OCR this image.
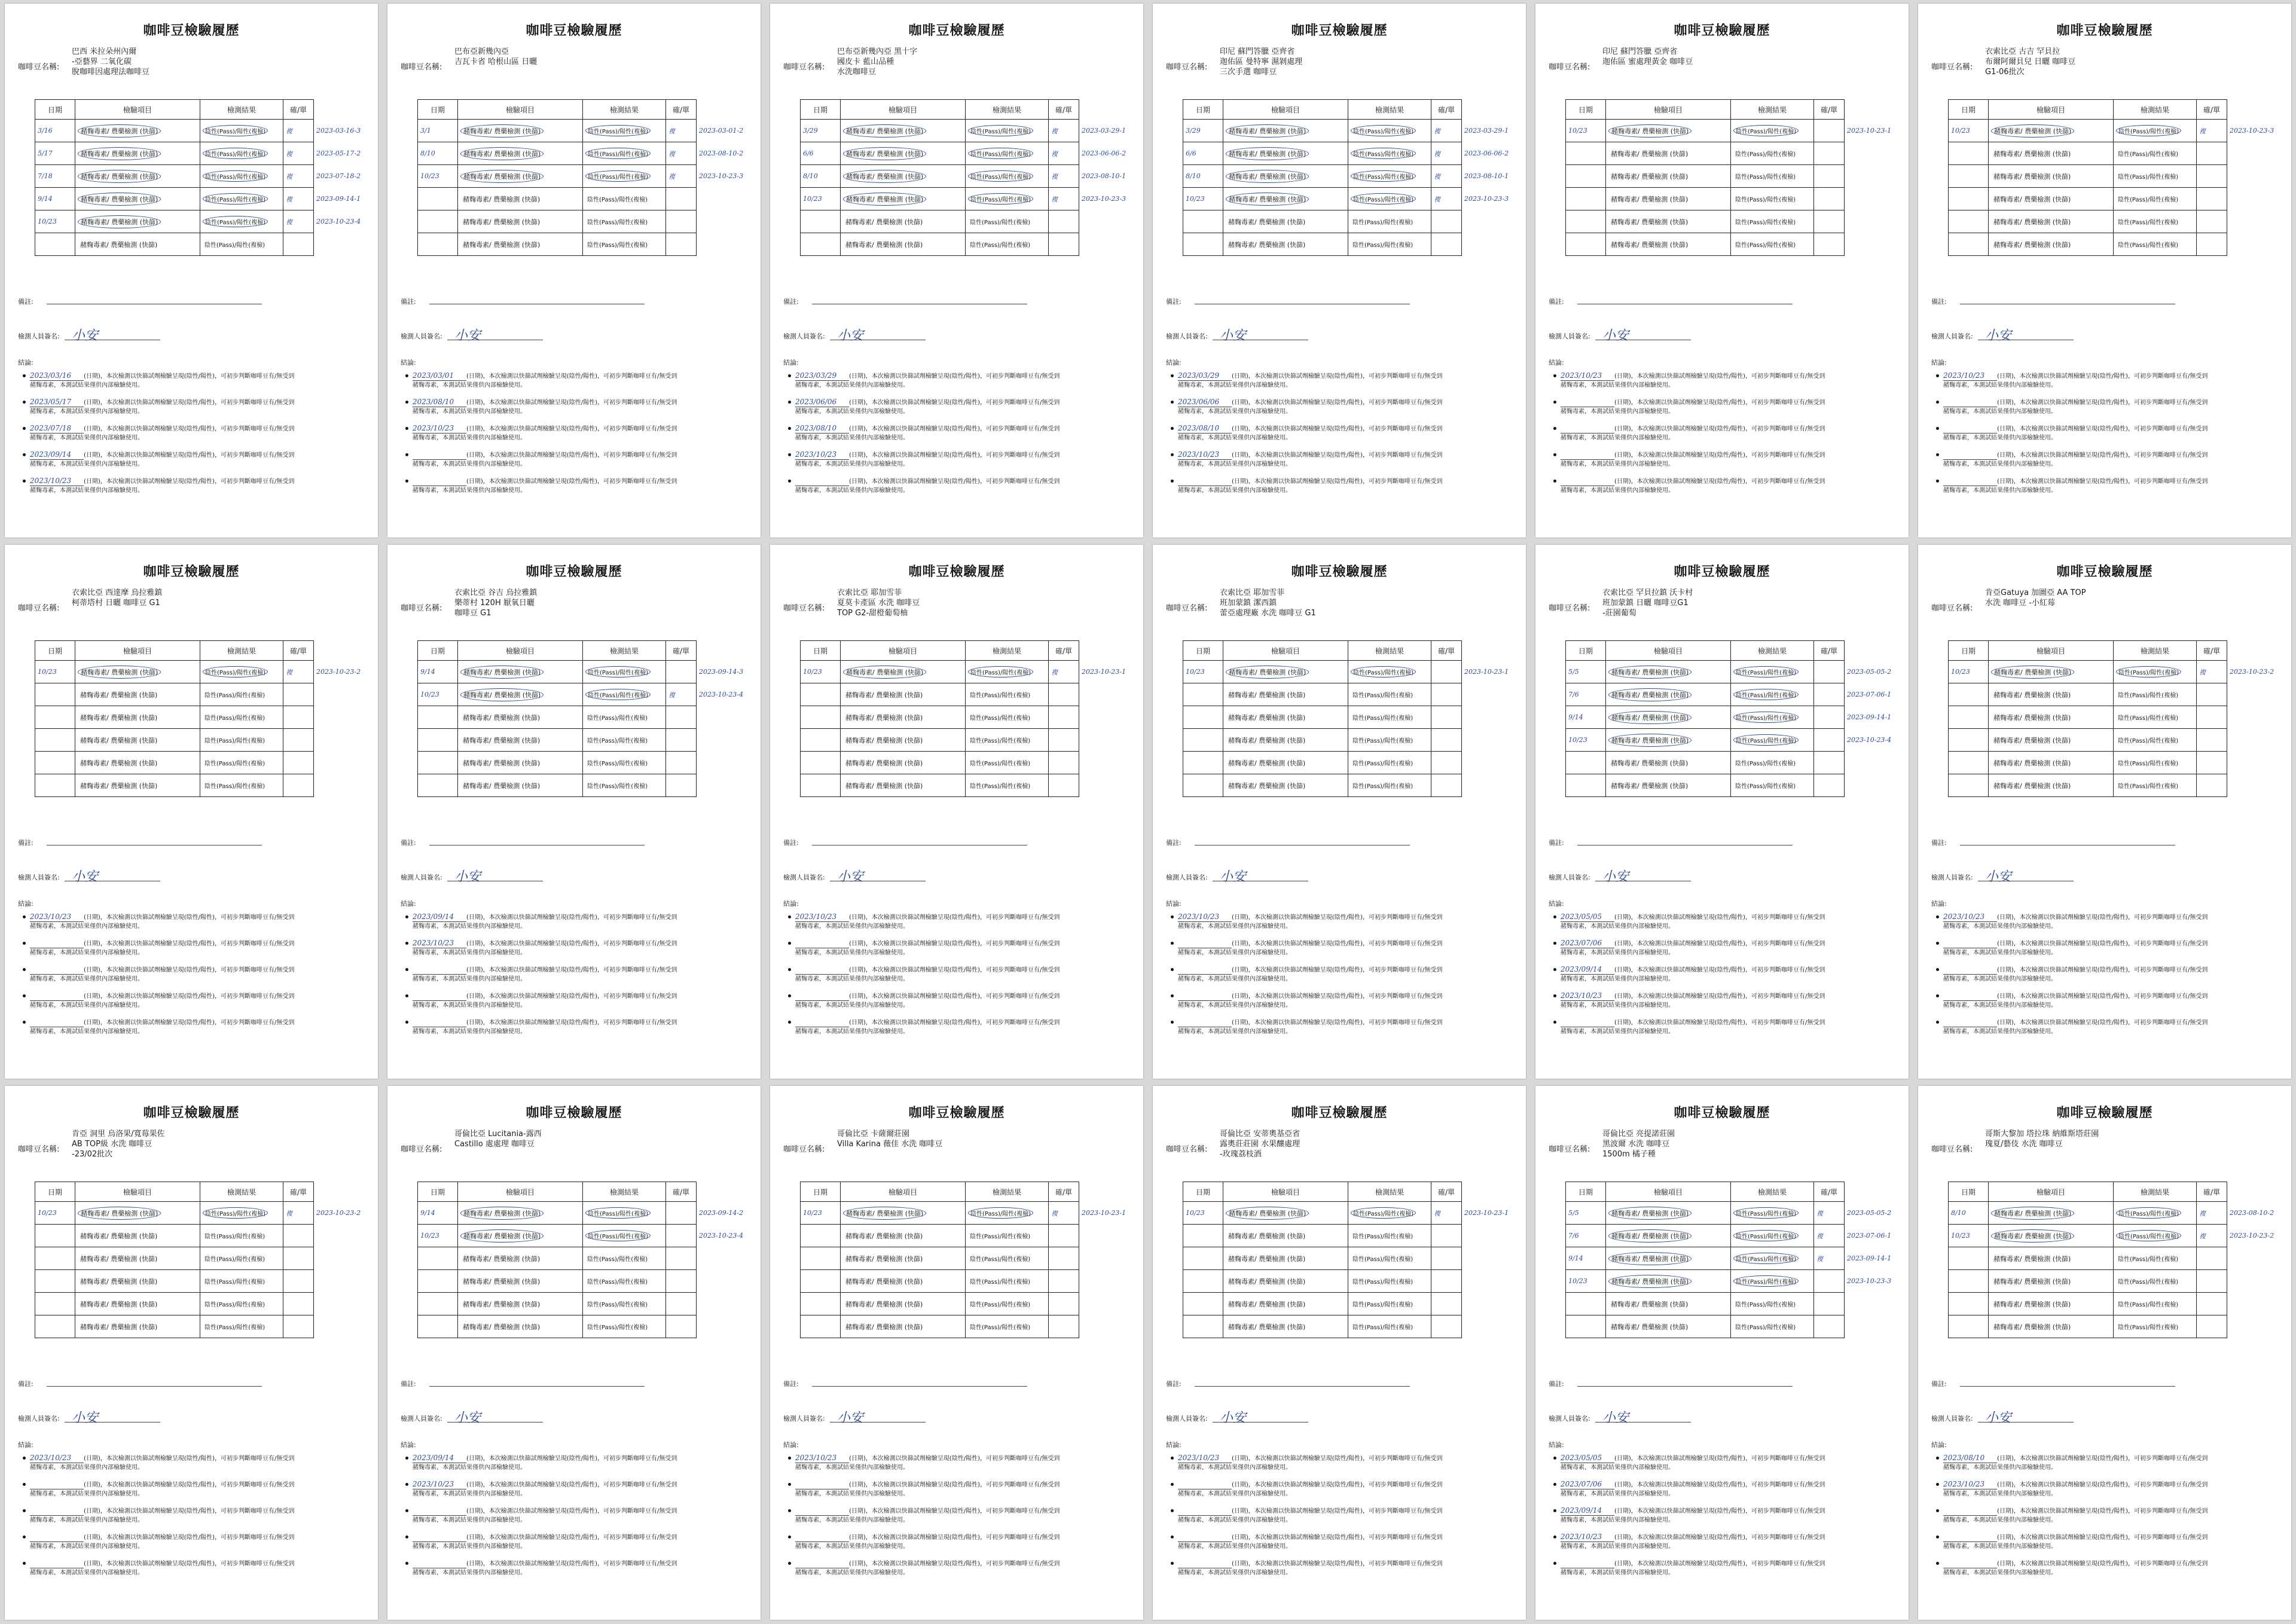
咖啡豆檢驗履歷
咖啡豆名稱:
巴西 米拉朵州內爾
-亞藝界 二氧化碳
脫咖啡因處理法咖啡豆
日期	檢驗項目	檢測結果	確/單	
3/16	赭麴毒素/ 農藥檢測 (快篩)	陰性(Pass)/陽性(複檢)	複	2023-03-16-3
5/17	赭麴毒素/ 農藥檢測 (快篩)	陰性(Pass)/陽性(複檢)	複	2023-05-17-2
7/18	赭麴毒素/ 農藥檢測 (快篩)	陰性(Pass)/陽性(複檢)	複	2023-07-18-2
9/14	赭麴毒素/ 農藥檢測 (快篩)	陰性(Pass)/陽性(複檢)	複	2023-09-14-1
10/23	赭麴毒素/ 農藥檢測 (快篩)	陰性(Pass)/陽性(複檢)	複	2023-10-23-4
	赭麴毒素/ 農藥檢測 (快篩)	陰性(Pass)/陽性(複檢)		
備註:
檢測人員簽名: 小安
結論:
2023/03/16 (日期)，本次檢測以快篩試劑檢驗呈現(陰性/陽性)，可初步判斷咖啡豆有/無受到
赭麴毒素，本測試結果僅供內部檢驗使用。
2023/05/17 (日期)，本次檢測以快篩試劑檢驗呈現(陰性/陽性)，可初步判斷咖啡豆有/無受到
赭麴毒素，本測試結果僅供內部檢驗使用。
2023/07/18 (日期)，本次檢測以快篩試劑檢驗呈現(陰性/陽性)，可初步判斷咖啡豆有/無受到
赭麴毒素，本測試結果僅供內部檢驗使用。
2023/09/14 (日期)，本次檢測以快篩試劑檢驗呈現(陰性/陽性)，可初步判斷咖啡豆有/無受到
赭麴毒素，本測試結果僅供內部檢驗使用。
2023/10/23 (日期)，本次檢測以快篩試劑檢驗呈現(陰性/陽性)，可初步判斷咖啡豆有/無受到
赭麴毒素，本測試結果僅供內部檢驗使用。
咖啡豆檢驗履歷
咖啡豆名稱:
巴布亞新幾內亞
吉瓦卡省 哈根山區 日曬
日期	檢驗項目	檢測結果	確/單	
3/1	赭麴毒素/ 農藥檢測 (快篩)	陰性(Pass)/陽性(複檢)	複	2023-03-01-2
8/10	赭麴毒素/ 農藥檢測 (快篩)	陰性(Pass)/陽性(複檢)	複	2023-08-10-2
10/23	赭麴毒素/ 農藥檢測 (快篩)	陰性(Pass)/陽性(複檢)	複	2023-10-23-3
	赭麴毒素/ 農藥檢測 (快篩)	陰性(Pass)/陽性(複檢)		
	赭麴毒素/ 農藥檢測 (快篩)	陰性(Pass)/陽性(複檢)		
	赭麴毒素/ 農藥檢測 (快篩)	陰性(Pass)/陽性(複檢)		
備註:
檢測人員簽名: 小安
結論:
2023/03/01 (日期)，本次檢測以快篩試劑檢驗呈現(陰性/陽性)，可初步判斷咖啡豆有/無受到
赭麴毒素，本測試結果僅供內部檢驗使用。
2023/08/10 (日期)，本次檢測以快篩試劑檢驗呈現(陰性/陽性)，可初步判斷咖啡豆有/無受到
赭麴毒素，本測試結果僅供內部檢驗使用。
2023/10/23 (日期)，本次檢測以快篩試劑檢驗呈現(陰性/陽性)，可初步判斷咖啡豆有/無受到
赭麴毒素，本測試結果僅供內部檢驗使用。
(日期)，本次檢測以快篩試劑檢驗呈現(陰性/陽性)，可初步判斷咖啡豆有/無受到
赭麴毒素，本測試結果僅供內部檢驗使用。
(日期)，本次檢測以快篩試劑檢驗呈現(陰性/陽性)，可初步判斷咖啡豆有/無受到
赭麴毒素，本測試結果僅供內部檢驗使用。
咖啡豆檢驗履歷
咖啡豆名稱:
巴布亞新幾內亞 黑十字
國皮卡 藍山品種
水洗咖啡豆
日期	檢驗項目	檢測結果	確/單	
3/29	赭麴毒素/ 農藥檢測 (快篩)	陰性(Pass)/陽性(複檢)	複	2023-03-29-1
6/6	赭麴毒素/ 農藥檢測 (快篩)	陰性(Pass)/陽性(複檢)	複	2023-06-06-2
8/10	赭麴毒素/ 農藥檢測 (快篩)	陰性(Pass)/陽性(複檢)	複	2023-08-10-1
10/23	赭麴毒素/ 農藥檢測 (快篩)	陰性(Pass)/陽性(複檢)	複	2023-10-23-3
	赭麴毒素/ 農藥檢測 (快篩)	陰性(Pass)/陽性(複檢)		
	赭麴毒素/ 農藥檢測 (快篩)	陰性(Pass)/陽性(複檢)		
備註:
檢測人員簽名: 小安
結論:
2023/03/29 (日期)，本次檢測以快篩試劑檢驗呈現(陰性/陽性)，可初步判斷咖啡豆有/無受到
赭麴毒素，本測試結果僅供內部檢驗使用。
2023/06/06 (日期)，本次檢測以快篩試劑檢驗呈現(陰性/陽性)，可初步判斷咖啡豆有/無受到
赭麴毒素，本測試結果僅供內部檢驗使用。
2023/08/10 (日期)，本次檢測以快篩試劑檢驗呈現(陰性/陽性)，可初步判斷咖啡豆有/無受到
赭麴毒素，本測試結果僅供內部檢驗使用。
2023/10/23 (日期)，本次檢測以快篩試劑檢驗呈現(陰性/陽性)，可初步判斷咖啡豆有/無受到
赭麴毒素，本測試結果僅供內部檢驗使用。
(日期)，本次檢測以快篩試劑檢驗呈現(陰性/陽性)，可初步判斷咖啡豆有/無受到
赭麴毒素，本測試結果僅供內部檢驗使用。
咖啡豆檢驗履歷
咖啡豆名稱:
印尼 蘇門答臘 亞齊省
迦佑區 曼特寧 濕剝處理
三次手選 咖啡豆
日期	檢驗項目	檢測結果	確/單	
3/29	赭麴毒素/ 農藥檢測 (快篩)	陰性(Pass)/陽性(複檢)	複	2023-03-29-1
6/6	赭麴毒素/ 農藥檢測 (快篩)	陰性(Pass)/陽性(複檢)	複	2023-06-06-2
8/10	赭麴毒素/ 農藥檢測 (快篩)	陰性(Pass)/陽性(複檢)	複	2023-08-10-1
10/23	赭麴毒素/ 農藥檢測 (快篩)	陰性(Pass)/陽性(複檢)	複	2023-10-23-3
	赭麴毒素/ 農藥檢測 (快篩)	陰性(Pass)/陽性(複檢)		
	赭麴毒素/ 農藥檢測 (快篩)	陰性(Pass)/陽性(複檢)		
備註:
檢測人員簽名: 小安
結論:
2023/03/29 (日期)，本次檢測以快篩試劑檢驗呈現(陰性/陽性)，可初步判斷咖啡豆有/無受到
赭麴毒素，本測試結果僅供內部檢驗使用。
2023/06/06 (日期)，本次檢測以快篩試劑檢驗呈現(陰性/陽性)，可初步判斷咖啡豆有/無受到
赭麴毒素，本測試結果僅供內部檢驗使用。
2023/08/10 (日期)，本次檢測以快篩試劑檢驗呈現(陰性/陽性)，可初步判斷咖啡豆有/無受到
赭麴毒素，本測試結果僅供內部檢驗使用。
2023/10/23 (日期)，本次檢測以快篩試劑檢驗呈現(陰性/陽性)，可初步判斷咖啡豆有/無受到
赭麴毒素，本測試結果僅供內部檢驗使用。
(日期)，本次檢測以快篩試劑檢驗呈現(陰性/陽性)，可初步判斷咖啡豆有/無受到
赭麴毒素，本測試結果僅供內部檢驗使用。
咖啡豆檢驗履歷
咖啡豆名稱:
印尼 蘇門答臘 亞齊省
迦佑區 蜜處理黃金 咖啡豆
日期	檢驗項目	檢測結果	確/單	
10/23	赭麴毒素/ 農藥檢測 (快篩)	陰性(Pass)/陽性(複檢)		2023-10-23-1
	赭麴毒素/ 農藥檢測 (快篩)	陰性(Pass)/陽性(複檢)		
	赭麴毒素/ 農藥檢測 (快篩)	陰性(Pass)/陽性(複檢)		
	赭麴毒素/ 農藥檢測 (快篩)	陰性(Pass)/陽性(複檢)		
	赭麴毒素/ 農藥檢測 (快篩)	陰性(Pass)/陽性(複檢)		
	赭麴毒素/ 農藥檢測 (快篩)	陰性(Pass)/陽性(複檢)		
備註:
檢測人員簽名: 小安
結論:
2023/10/23 (日期)，本次檢測以快篩試劑檢驗呈現(陰性/陽性)，可初步判斷咖啡豆有/無受到
赭麴毒素，本測試結果僅供內部檢驗使用。
(日期)，本次檢測以快篩試劑檢驗呈現(陰性/陽性)，可初步判斷咖啡豆有/無受到
赭麴毒素，本測試結果僅供內部檢驗使用。
(日期)，本次檢測以快篩試劑檢驗呈現(陰性/陽性)，可初步判斷咖啡豆有/無受到
赭麴毒素，本測試結果僅供內部檢驗使用。
(日期)，本次檢測以快篩試劑檢驗呈現(陰性/陽性)，可初步判斷咖啡豆有/無受到
赭麴毒素，本測試結果僅供內部檢驗使用。
(日期)，本次檢測以快篩試劑檢驗呈現(陰性/陽性)，可初步判斷咖啡豆有/無受到
赭麴毒素，本測試結果僅供內部檢驗使用。
咖啡豆檢驗履歷
咖啡豆名稱:
衣索比亞 古吉 罕貝拉
布爾阿爾貝兒 日曬 咖啡豆
G1-06批次
日期	檢驗項目	檢測結果	確/單	
10/23	赭麴毒素/ 農藥檢測 (快篩)	陰性(Pass)/陽性(複檢)	複	2023-10-23-3
	赭麴毒素/ 農藥檢測 (快篩)	陰性(Pass)/陽性(複檢)		
	赭麴毒素/ 農藥檢測 (快篩)	陰性(Pass)/陽性(複檢)		
	赭麴毒素/ 農藥檢測 (快篩)	陰性(Pass)/陽性(複檢)		
	赭麴毒素/ 農藥檢測 (快篩)	陰性(Pass)/陽性(複檢)		
	赭麴毒素/ 農藥檢測 (快篩)	陰性(Pass)/陽性(複檢)		
備註:
檢測人員簽名: 小安
結論:
2023/10/23 (日期)，本次檢測以快篩試劑檢驗呈現(陰性/陽性)，可初步判斷咖啡豆有/無受到
赭麴毒素，本測試結果僅供內部檢驗使用。
(日期)，本次檢測以快篩試劑檢驗呈現(陰性/陽性)，可初步判斷咖啡豆有/無受到
赭麴毒素，本測試結果僅供內部檢驗使用。
(日期)，本次檢測以快篩試劑檢驗呈現(陰性/陽性)，可初步判斷咖啡豆有/無受到
赭麴毒素，本測試結果僅供內部檢驗使用。
(日期)，本次檢測以快篩試劑檢驗呈現(陰性/陽性)，可初步判斷咖啡豆有/無受到
赭麴毒素，本測試結果僅供內部檢驗使用。
(日期)，本次檢測以快篩試劑檢驗呈現(陰性/陽性)，可初步判斷咖啡豆有/無受到
赭麴毒素，本測試結果僅供內部檢驗使用。
咖啡豆檢驗履歷
咖啡豆名稱:
衣索比亞 西達摩 烏拉雅鎮
柯蒂塔村 日曬 咖啡豆 G1
日期	檢驗項目	檢測結果	確/單	
10/23	赭麴毒素/ 農藥檢測 (快篩)	陰性(Pass)/陽性(複檢)	複	2023-10-23-2
	赭麴毒素/ 農藥檢測 (快篩)	陰性(Pass)/陽性(複檢)		
	赭麴毒素/ 農藥檢測 (快篩)	陰性(Pass)/陽性(複檢)		
	赭麴毒素/ 農藥檢測 (快篩)	陰性(Pass)/陽性(複檢)		
	赭麴毒素/ 農藥檢測 (快篩)	陰性(Pass)/陽性(複檢)		
	赭麴毒素/ 農藥檢測 (快篩)	陰性(Pass)/陽性(複檢)		
備註:
檢測人員簽名: 小安
結論:
2023/10/23 (日期)，本次檢測以快篩試劑檢驗呈現(陰性/陽性)，可初步判斷咖啡豆有/無受到
赭麴毒素，本測試結果僅供內部檢驗使用。
(日期)，本次檢測以快篩試劑檢驗呈現(陰性/陽性)，可初步判斷咖啡豆有/無受到
赭麴毒素，本測試結果僅供內部檢驗使用。
(日期)，本次檢測以快篩試劑檢驗呈現(陰性/陽性)，可初步判斷咖啡豆有/無受到
赭麴毒素，本測試結果僅供內部檢驗使用。
(日期)，本次檢測以快篩試劑檢驗呈現(陰性/陽性)，可初步判斷咖啡豆有/無受到
赭麴毒素，本測試結果僅供內部檢驗使用。
(日期)，本次檢測以快篩試劑檢驗呈現(陰性/陽性)，可初步判斷咖啡豆有/無受到
赭麴毒素，本測試結果僅供內部檢驗使用。
咖啡豆檢驗履歷
咖啡豆名稱:
衣索比亞 谷吉 烏拉雅鎮
樂蒂村 120H 厭氧日曬
咖啡豆 G1
日期	檢驗項目	檢測結果	確/單	
9/14	赭麴毒素/ 農藥檢測 (快篩)	陰性(Pass)/陽性(複檢)		2023-09-14-3
10/23	赭麴毒素/ 農藥檢測 (快篩)	陰性(Pass)/陽性(複檢)	複	2023-10-23-4
	赭麴毒素/ 農藥檢測 (快篩)	陰性(Pass)/陽性(複檢)		
	赭麴毒素/ 農藥檢測 (快篩)	陰性(Pass)/陽性(複檢)		
	赭麴毒素/ 農藥檢測 (快篩)	陰性(Pass)/陽性(複檢)		
	赭麴毒素/ 農藥檢測 (快篩)	陰性(Pass)/陽性(複檢)		
備註:
檢測人員簽名: 小安
結論:
2023/09/14 (日期)，本次檢測以快篩試劑檢驗呈現(陰性/陽性)，可初步判斷咖啡豆有/無受到
赭麴毒素，本測試結果僅供內部檢驗使用。
2023/10/23 (日期)，本次檢測以快篩試劑檢驗呈現(陰性/陽性)，可初步判斷咖啡豆有/無受到
赭麴毒素，本測試結果僅供內部檢驗使用。
(日期)，本次檢測以快篩試劑檢驗呈現(陰性/陽性)，可初步判斷咖啡豆有/無受到
赭麴毒素，本測試結果僅供內部檢驗使用。
(日期)，本次檢測以快篩試劑檢驗呈現(陰性/陽性)，可初步判斷咖啡豆有/無受到
赭麴毒素，本測試結果僅供內部檢驗使用。
(日期)，本次檢測以快篩試劑檢驗呈現(陰性/陽性)，可初步判斷咖啡豆有/無受到
赭麴毒素，本測試結果僅供內部檢驗使用。
咖啡豆檢驗履歷
咖啡豆名稱:
衣索比亞 耶加雪菲
夏莫卡產區 水洗 咖啡豆
TOP G2-甜橙葡萄柚
日期	檢驗項目	檢測結果	確/單	
10/23	赭麴毒素/ 農藥檢測 (快篩)	陰性(Pass)/陽性(複檢)	複	2023-10-23-1
	赭麴毒素/ 農藥檢測 (快篩)	陰性(Pass)/陽性(複檢)		
	赭麴毒素/ 農藥檢測 (快篩)	陰性(Pass)/陽性(複檢)		
	赭麴毒素/ 農藥檢測 (快篩)	陰性(Pass)/陽性(複檢)		
	赭麴毒素/ 農藥檢測 (快篩)	陰性(Pass)/陽性(複檢)		
	赭麴毒素/ 農藥檢測 (快篩)	陰性(Pass)/陽性(複檢)		
備註:
檢測人員簽名: 小安
結論:
2023/10/23 (日期)，本次檢測以快篩試劑檢驗呈現(陰性/陽性)，可初步判斷咖啡豆有/無受到
赭麴毒素，本測試結果僅供內部檢驗使用。
(日期)，本次檢測以快篩試劑檢驗呈現(陰性/陽性)，可初步判斷咖啡豆有/無受到
赭麴毒素，本測試結果僅供內部檢驗使用。
(日期)，本次檢測以快篩試劑檢驗呈現(陰性/陽性)，可初步判斷咖啡豆有/無受到
赭麴毒素，本測試結果僅供內部檢驗使用。
(日期)，本次檢測以快篩試劑檢驗呈現(陰性/陽性)，可初步判斷咖啡豆有/無受到
赭麴毒素，本測試結果僅供內部檢驗使用。
(日期)，本次檢測以快篩試劑檢驗呈現(陰性/陽性)，可初步判斷咖啡豆有/無受到
赭麴毒素，本測試結果僅供內部檢驗使用。
咖啡豆檢驗履歷
咖啡豆名稱:
衣索比亞 耶加雪菲
班加蒙鎮 潔西鎮
蕾亞處理廠 水洗 咖啡豆 G1
日期	檢驗項目	檢測結果	確/單	
10/23	赭麴毒素/ 農藥檢測 (快篩)	陰性(Pass)/陽性(複檢)		2023-10-23-1
	赭麴毒素/ 農藥檢測 (快篩)	陰性(Pass)/陽性(複檢)		
	赭麴毒素/ 農藥檢測 (快篩)	陰性(Pass)/陽性(複檢)		
	赭麴毒素/ 農藥檢測 (快篩)	陰性(Pass)/陽性(複檢)		
	赭麴毒素/ 農藥檢測 (快篩)	陰性(Pass)/陽性(複檢)		
	赭麴毒素/ 農藥檢測 (快篩)	陰性(Pass)/陽性(複檢)		
備註:
檢測人員簽名: 小安
結論:
2023/10/23 (日期)，本次檢測以快篩試劑檢驗呈現(陰性/陽性)，可初步判斷咖啡豆有/無受到
赭麴毒素，本測試結果僅供內部檢驗使用。
(日期)，本次檢測以快篩試劑檢驗呈現(陰性/陽性)，可初步判斷咖啡豆有/無受到
赭麴毒素，本測試結果僅供內部檢驗使用。
(日期)，本次檢測以快篩試劑檢驗呈現(陰性/陽性)，可初步判斷咖啡豆有/無受到
赭麴毒素，本測試結果僅供內部檢驗使用。
(日期)，本次檢測以快篩試劑檢驗呈現(陰性/陽性)，可初步判斷咖啡豆有/無受到
赭麴毒素，本測試結果僅供內部檢驗使用。
(日期)，本次檢測以快篩試劑檢驗呈現(陰性/陽性)，可初步判斷咖啡豆有/無受到
赭麴毒素，本測試結果僅供內部檢驗使用。
咖啡豆檢驗履歷
咖啡豆名稱:
衣索比亞 罕貝拉鎮 沃卡村
班加蒙鎮 日曬 咖啡豆G1
-莊園葡萄
日期	檢驗項目	檢測結果	確/單	
5/5	赭麴毒素/ 農藥檢測 (快篩)	陰性(Pass)/陽性(複檢)		2023-05-05-2
7/6	赭麴毒素/ 農藥檢測 (快篩)	陰性(Pass)/陽性(複檢)		2023-07-06-1
9/14	赭麴毒素/ 農藥檢測 (快篩)	陰性(Pass)/陽性(複檢)		2023-09-14-1
10/23	赭麴毒素/ 農藥檢測 (快篩)	陰性(Pass)/陽性(複檢)		2023-10-23-4
	赭麴毒素/ 農藥檢測 (快篩)	陰性(Pass)/陽性(複檢)		
	赭麴毒素/ 農藥檢測 (快篩)	陰性(Pass)/陽性(複檢)		
備註:
檢測人員簽名: 小安
結論:
2023/05/05 (日期)，本次檢測以快篩試劑檢驗呈現(陰性/陽性)，可初步判斷咖啡豆有/無受到
赭麴毒素，本測試結果僅供內部檢驗使用。
2023/07/06 (日期)，本次檢測以快篩試劑檢驗呈現(陰性/陽性)，可初步判斷咖啡豆有/無受到
赭麴毒素，本測試結果僅供內部檢驗使用。
2023/09/14 (日期)，本次檢測以快篩試劑檢驗呈現(陰性/陽性)，可初步判斷咖啡豆有/無受到
赭麴毒素，本測試結果僅供內部檢驗使用。
2023/10/23 (日期)，本次檢測以快篩試劑檢驗呈現(陰性/陽性)，可初步判斷咖啡豆有/無受到
赭麴毒素，本測試結果僅供內部檢驗使用。
(日期)，本次檢測以快篩試劑檢驗呈現(陰性/陽性)，可初步判斷咖啡豆有/無受到
赭麴毒素，本測試結果僅供內部檢驗使用。
咖啡豆檢驗履歷
咖啡豆名稱:
肯亞Gatuya 加圖亞 AA TOP
水洗 咖啡豆 -小紅莓
日期	檢驗項目	檢測結果	確/單	
10/23	赭麴毒素/ 農藥檢測 (快篩)	陰性(Pass)/陽性(複檢)	複	2023-10-23-2
	赭麴毒素/ 農藥檢測 (快篩)	陰性(Pass)/陽性(複檢)		
	赭麴毒素/ 農藥檢測 (快篩)	陰性(Pass)/陽性(複檢)		
	赭麴毒素/ 農藥檢測 (快篩)	陰性(Pass)/陽性(複檢)		
	赭麴毒素/ 農藥檢測 (快篩)	陰性(Pass)/陽性(複檢)		
	赭麴毒素/ 農藥檢測 (快篩)	陰性(Pass)/陽性(複檢)		
備註:
檢測人員簽名: 小安
結論:
2023/10/23 (日期)，本次檢測以快篩試劑檢驗呈現(陰性/陽性)，可初步判斷咖啡豆有/無受到
赭麴毒素，本測試結果僅供內部檢驗使用。
(日期)，本次檢測以快篩試劑檢驗呈現(陰性/陽性)，可初步判斷咖啡豆有/無受到
赭麴毒素，本測試結果僅供內部檢驗使用。
(日期)，本次檢測以快篩試劑檢驗呈現(陰性/陽性)，可初步判斷咖啡豆有/無受到
赭麴毒素，本測試結果僅供內部檢驗使用。
(日期)，本次檢測以快篩試劑檢驗呈現(陰性/陽性)，可初步判斷咖啡豆有/無受到
赭麴毒素，本測試結果僅供內部檢驗使用。
(日期)，本次檢測以快篩試劑檢驗呈現(陰性/陽性)，可初步判斷咖啡豆有/無受到
赭麴毒素，本測試結果僅供內部檢驗使用。
咖啡豆檢驗履歷
咖啡豆名稱:
肯亞 洞里 烏洛果/寬莓果佐
AB TOP級 水洗 咖啡豆
-23/02批次
日期	檢驗項目	檢測結果	確/單	
10/23	赭麴毒素/ 農藥檢測 (快篩)	陰性(Pass)/陽性(複檢)	複	2023-10-23-2
	赭麴毒素/ 農藥檢測 (快篩)	陰性(Pass)/陽性(複檢)		
	赭麴毒素/ 農藥檢測 (快篩)	陰性(Pass)/陽性(複檢)		
	赭麴毒素/ 農藥檢測 (快篩)	陰性(Pass)/陽性(複檢)		
	赭麴毒素/ 農藥檢測 (快篩)	陰性(Pass)/陽性(複檢)		
	赭麴毒素/ 農藥檢測 (快篩)	陰性(Pass)/陽性(複檢)		
備註:
檢測人員簽名: 小安
結論:
2023/10/23 (日期)，本次檢測以快篩試劑檢驗呈現(陰性/陽性)，可初步判斷咖啡豆有/無受到
赭麴毒素，本測試結果僅供內部檢驗使用。
(日期)，本次檢測以快篩試劑檢驗呈現(陰性/陽性)，可初步判斷咖啡豆有/無受到
赭麴毒素，本測試結果僅供內部檢驗使用。
(日期)，本次檢測以快篩試劑檢驗呈現(陰性/陽性)，可初步判斷咖啡豆有/無受到
赭麴毒素，本測試結果僅供內部檢驗使用。
(日期)，本次檢測以快篩試劑檢驗呈現(陰性/陽性)，可初步判斷咖啡豆有/無受到
赭麴毒素，本測試結果僅供內部檢驗使用。
(日期)，本次檢測以快篩試劑檢驗呈現(陰性/陽性)，可初步判斷咖啡豆有/無受到
赭麴毒素，本測試結果僅供內部檢驗使用。
咖啡豆檢驗履歷
咖啡豆名稱:
哥倫比亞 Lucitania-露西
Castillo 處處理 咖啡豆
日期	檢驗項目	檢測結果	確/單	
9/14	赭麴毒素/ 農藥檢測 (快篩)	陰性(Pass)/陽性(複檢)		2023-09-14-2
10/23	赭麴毒素/ 農藥檢測 (快篩)	陰性(Pass)/陽性(複檢)		2023-10-23-4
	赭麴毒素/ 農藥檢測 (快篩)	陰性(Pass)/陽性(複檢)		
	赭麴毒素/ 農藥檢測 (快篩)	陰性(Pass)/陽性(複檢)		
	赭麴毒素/ 農藥檢測 (快篩)	陰性(Pass)/陽性(複檢)		
	赭麴毒素/ 農藥檢測 (快篩)	陰性(Pass)/陽性(複檢)		
備註:
檢測人員簽名: 小安
結論:
2023/09/14 (日期)，本次檢測以快篩試劑檢驗呈現(陰性/陽性)，可初步判斷咖啡豆有/無受到
赭麴毒素，本測試結果僅供內部檢驗使用。
2023/10/23 (日期)，本次檢測以快篩試劑檢驗呈現(陰性/陽性)，可初步判斷咖啡豆有/無受到
赭麴毒素，本測試結果僅供內部檢驗使用。
(日期)，本次檢測以快篩試劑檢驗呈現(陰性/陽性)，可初步判斷咖啡豆有/無受到
赭麴毒素，本測試結果僅供內部檢驗使用。
(日期)，本次檢測以快篩試劑檢驗呈現(陰性/陽性)，可初步判斷咖啡豆有/無受到
赭麴毒素，本測試結果僅供內部檢驗使用。
(日期)，本次檢測以快篩試劑檢驗呈現(陰性/陽性)，可初步判斷咖啡豆有/無受到
赭麴毒素，本測試結果僅供內部檢驗使用。
咖啡豆檢驗履歷
咖啡豆名稱:
哥倫比亞 卡薩爾莊園
Villa Karina 薇佳 水洗 咖啡豆
日期	檢驗項目	檢測結果	確/單	
10/23	赭麴毒素/ 農藥檢測 (快篩)	陰性(Pass)/陽性(複檢)	複	2023-10-23-1
	赭麴毒素/ 農藥檢測 (快篩)	陰性(Pass)/陽性(複檢)		
	赭麴毒素/ 農藥檢測 (快篩)	陰性(Pass)/陽性(複檢)		
	赭麴毒素/ 農藥檢測 (快篩)	陰性(Pass)/陽性(複檢)		
	赭麴毒素/ 農藥檢測 (快篩)	陰性(Pass)/陽性(複檢)		
	赭麴毒素/ 農藥檢測 (快篩)	陰性(Pass)/陽性(複檢)		
備註:
檢測人員簽名: 小安
結論:
2023/10/23 (日期)，本次檢測以快篩試劑檢驗呈現(陰性/陽性)，可初步判斷咖啡豆有/無受到
赭麴毒素，本測試結果僅供內部檢驗使用。
(日期)，本次檢測以快篩試劑檢驗呈現(陰性/陽性)，可初步判斷咖啡豆有/無受到
赭麴毒素，本測試結果僅供內部檢驗使用。
(日期)，本次檢測以快篩試劑檢驗呈現(陰性/陽性)，可初步判斷咖啡豆有/無受到
赭麴毒素，本測試結果僅供內部檢驗使用。
(日期)，本次檢測以快篩試劑檢驗呈現(陰性/陽性)，可初步判斷咖啡豆有/無受到
赭麴毒素，本測試結果僅供內部檢驗使用。
(日期)，本次檢測以快篩試劑檢驗呈現(陰性/陽性)，可初步判斷咖啡豆有/無受到
赭麴毒素，本測試結果僅供內部檢驗使用。
咖啡豆檢驗履歷
咖啡豆名稱:
哥倫比亞 安蒂奧基亞省
露奧莊莊園 水果釀處理
-玫瑰荔枝酒
日期	檢驗項目	檢測結果	確/單	
10/23	赭麴毒素/ 農藥檢測 (快篩)	陰性(Pass)/陽性(複檢)	複	2023-10-23-1
	赭麴毒素/ 農藥檢測 (快篩)	陰性(Pass)/陽性(複檢)		
	赭麴毒素/ 農藥檢測 (快篩)	陰性(Pass)/陽性(複檢)		
	赭麴毒素/ 農藥檢測 (快篩)	陰性(Pass)/陽性(複檢)		
	赭麴毒素/ 農藥檢測 (快篩)	陰性(Pass)/陽性(複檢)		
	赭麴毒素/ 農藥檢測 (快篩)	陰性(Pass)/陽性(複檢)		
備註:
檢測人員簽名: 小安
結論:
2023/10/23 (日期)，本次檢測以快篩試劑檢驗呈現(陰性/陽性)，可初步判斷咖啡豆有/無受到
赭麴毒素，本測試結果僅供內部檢驗使用。
(日期)，本次檢測以快篩試劑檢驗呈現(陰性/陽性)，可初步判斷咖啡豆有/無受到
赭麴毒素，本測試結果僅供內部檢驗使用。
(日期)，本次檢測以快篩試劑檢驗呈現(陰性/陽性)，可初步判斷咖啡豆有/無受到
赭麴毒素，本測試結果僅供內部檢驗使用。
(日期)，本次檢測以快篩試劑檢驗呈現(陰性/陽性)，可初步判斷咖啡豆有/無受到
赭麴毒素，本測試結果僅供內部檢驗使用。
(日期)，本次檢測以快篩試劑檢驗呈現(陰性/陽性)，可初步判斷咖啡豆有/無受到
赭麴毒素，本測試結果僅供內部檢驗使用。
咖啡豆檢驗履歷
咖啡豆名稱:
哥倫比亞 亮提諾莊園
黑波爾 水洗 咖啡豆
1500m 橘子種
日期	檢驗項目	檢測結果	確/單	
5/5	赭麴毒素/ 農藥檢測 (快篩)	陰性(Pass)/陽性(複檢)	複	2023-05-05-2
7/6	赭麴毒素/ 農藥檢測 (快篩)	陰性(Pass)/陽性(複檢)	複	2023-07-06-1
9/14	赭麴毒素/ 農藥檢測 (快篩)	陰性(Pass)/陽性(複檢)	複	2023-09-14-1
10/23	赭麴毒素/ 農藥檢測 (快篩)	陰性(Pass)/陽性(複檢)		2023-10-23-3
	赭麴毒素/ 農藥檢測 (快篩)	陰性(Pass)/陽性(複檢)		
	赭麴毒素/ 農藥檢測 (快篩)	陰性(Pass)/陽性(複檢)		
備註:
檢測人員簽名: 小安
結論:
2023/05/05 (日期)，本次檢測以快篩試劑檢驗呈現(陰性/陽性)，可初步判斷咖啡豆有/無受到
赭麴毒素，本測試結果僅供內部檢驗使用。
2023/07/06 (日期)，本次檢測以快篩試劑檢驗呈現(陰性/陽性)，可初步判斷咖啡豆有/無受到
赭麴毒素，本測試結果僅供內部檢驗使用。
2023/09/14 (日期)，本次檢測以快篩試劑檢驗呈現(陰性/陽性)，可初步判斷咖啡豆有/無受到
赭麴毒素，本測試結果僅供內部檢驗使用。
2023/10/23 (日期)，本次檢測以快篩試劑檢驗呈現(陰性/陽性)，可初步判斷咖啡豆有/無受到
赭麴毒素，本測試結果僅供內部檢驗使用。
(日期)，本次檢測以快篩試劑檢驗呈現(陰性/陽性)，可初步判斷咖啡豆有/無受到
赭麴毒素，本測試結果僅供內部檢驗使用。
咖啡豆檢驗履歷
咖啡豆名稱:
哥斯大黎加 塔拉珠 納維斯塔莊園
瑰夏/藝伎 水洗 咖啡豆
日期	檢驗項目	檢測結果	確/單	
8/10	赭麴毒素/ 農藥檢測 (快篩)	陰性(Pass)/陽性(複檢)	複	2023-08-10-2
10/23	赭麴毒素/ 農藥檢測 (快篩)	陰性(Pass)/陽性(複檢)	複	2023-10-23-2
	赭麴毒素/ 農藥檢測 (快篩)	陰性(Pass)/陽性(複檢)		
	赭麴毒素/ 農藥檢測 (快篩)	陰性(Pass)/陽性(複檢)		
	赭麴毒素/ 農藥檢測 (快篩)	陰性(Pass)/陽性(複檢)		
	赭麴毒素/ 農藥檢測 (快篩)	陰性(Pass)/陽性(複檢)		
備註:
檢測人員簽名: 小安
結論:
2023/08/10 (日期)，本次檢測以快篩試劑檢驗呈現(陰性/陽性)，可初步判斷咖啡豆有/無受到
赭麴毒素，本測試結果僅供內部檢驗使用。
2023/10/23 (日期)，本次檢測以快篩試劑檢驗呈現(陰性/陽性)，可初步判斷咖啡豆有/無受到
赭麴毒素，本測試結果僅供內部檢驗使用。
(日期)，本次檢測以快篩試劑檢驗呈現(陰性/陽性)，可初步判斷咖啡豆有/無受到
赭麴毒素，本測試結果僅供內部檢驗使用。
(日期)，本次檢測以快篩試劑檢驗呈現(陰性/陽性)，可初步判斷咖啡豆有/無受到
赭麴毒素，本測試結果僅供內部檢驗使用。
(日期)，本次檢測以快篩試劑檢驗呈現(陰性/陽性)，可初步判斷咖啡豆有/無受到
赭麴毒素，本測試結果僅供內部檢驗使用。
